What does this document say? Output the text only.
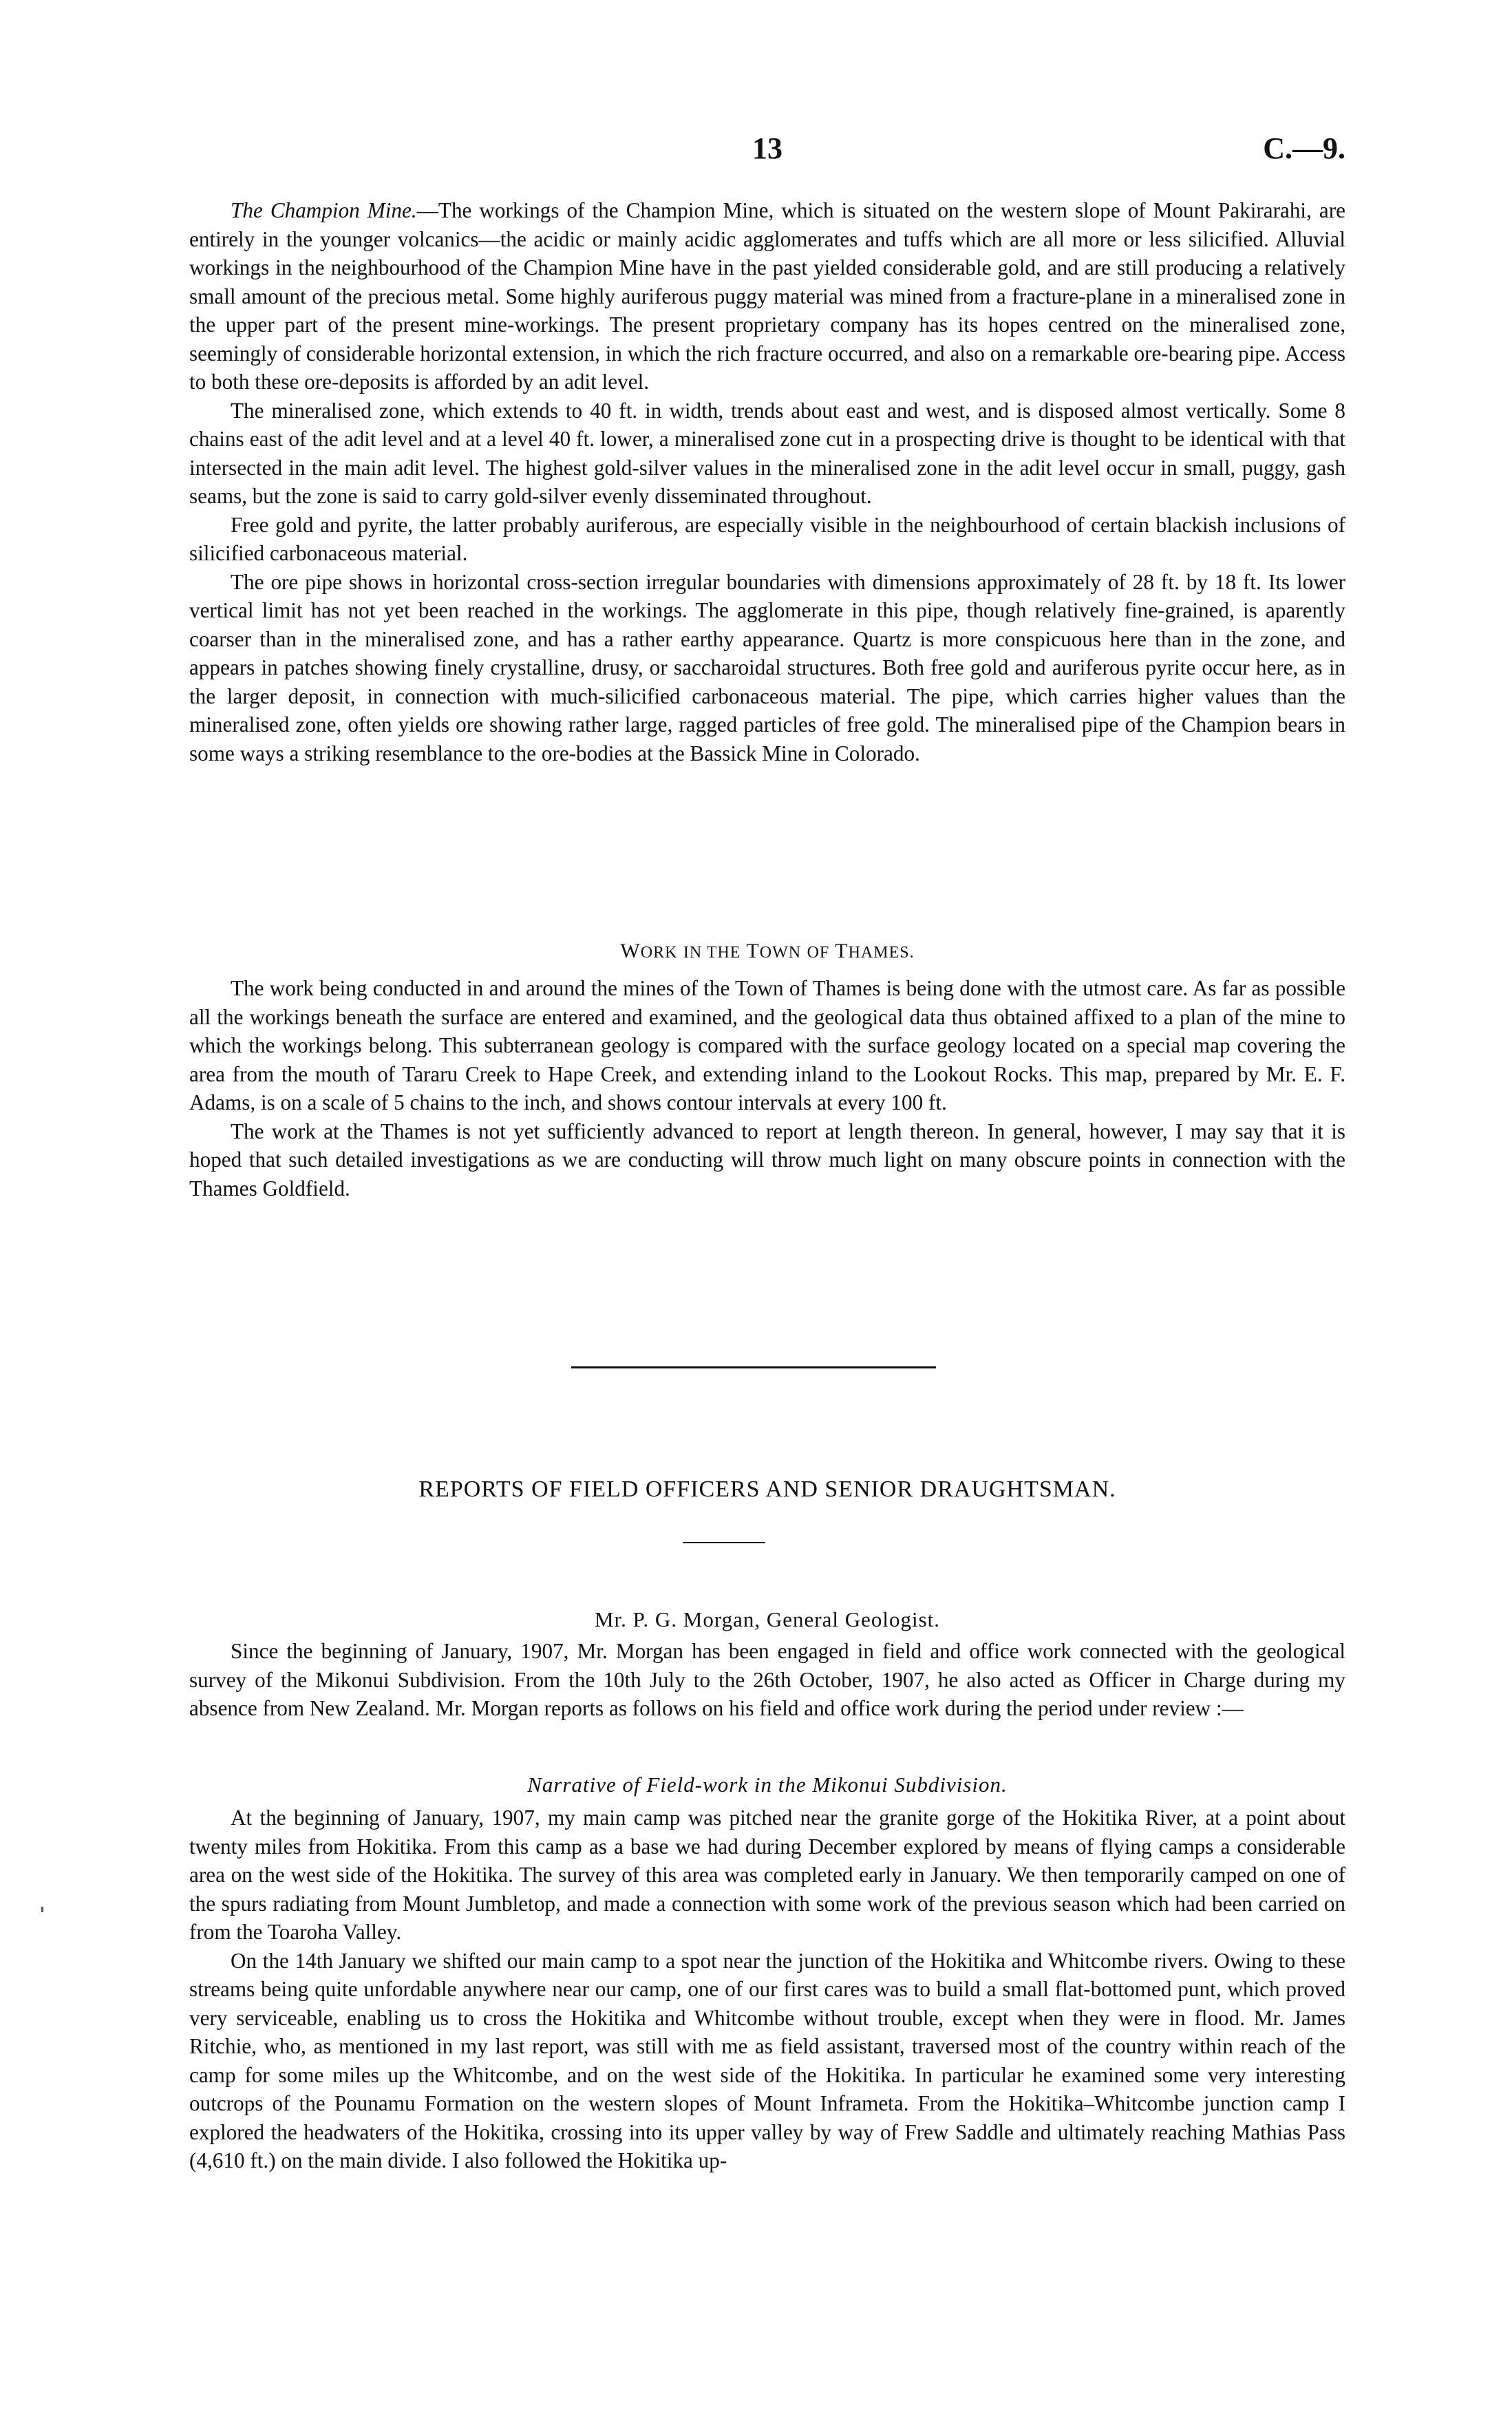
13	C.—9.

The Champion Mine.—The workings of the Champion Mine, which is situated on the western slope of Mount Pakirarahi, are entirely in the younger volcanics—the acidic or mainly acidic agglomerates and tuffs which are all more or less silicified. Alluvial workings in the neighbourhood of the Champion Mine have in the past yielded considerable gold, and are still producing a relatively small amount of the precious metal. Some highly auriferous puggy material was mined from a fracture-plane in a mineralised zone in the upper part of the present mine-workings. The present proprietary company has its hopes centred on the mineralised zone, seemingly of considerable horizontal extension, in which the rich fracture occurred, and also on a remarkable ore-bearing pipe. Access to both these ore-deposits is afforded by an adit level.

The mineralised zone, which extends to 40 ft. in width, trends about east and west, and is disposed almost vertically. Some 8 chains east of the adit level and at a level 40 ft. lower, a mineralised zone cut in a prospecting drive is thought to be identical with that intersected in the main adit level. The highest gold-silver values in the mineralised zone in the adit level occur in small, puggy, gash seams, but the zone is said to carry gold-silver evenly disseminated throughout.

Free gold and pyrite, the latter probably auriferous, are especially visible in the neighbourhood of certain blackish inclusions of silicified carbonaceous material.

The ore pipe shows in horizontal cross-section irregular boundaries with dimensions approximately of 28 ft. by 18 ft. Its lower vertical limit has not yet been reached in the workings. The agglomerate in this pipe, though relatively fine-grained, is aparently coarser than in the mineralised zone, and has a rather earthy appearance. Quartz is more conspicuous here than in the zone, and appears in patches showing finely crystalline, drusy, or saccharoidal structures. Both free gold and auriferous pyrite occur here, as in the larger deposit, in connection with much-silicified carbonaceous material. The pipe, which carries higher values than the mineralised zone, often yields ore showing rather large, ragged particles of free gold. The mineralised pipe of the Champion bears in some ways a striking resemblance to the ore-bodies at the Bassick Mine in Colorado.

WORK IN THE TOWN OF THAMES.

The work being conducted in and around the mines of the Town of Thames is being done with the utmost care. As far as possible all the workings beneath the surface are entered and examined, and the geological data thus obtained affixed to a plan of the mine to which the workings belong. This subterranean geology is compared with the surface geology located on a special map covering the area from the mouth of Tararu Creek to Hape Creek, and extending inland to the Lookout Rocks. This map, prepared by Mr. E. F. Adams, is on a scale of 5 chains to the inch, and shows contour intervals at every 100 ft.

The work at the Thames is not yet sufficiently advanced to report at length thereon. In general, however, I may say that it is hoped that such detailed investigations as we are conducting will throw much light on many obscure points in connection with the Thames Goldfield.

REPORTS OF FIELD OFFICERS AND SENIOR DRAUGHTSMAN.
Mr. P. G. Morgan, General Geologist.

Since the beginning of January, 1907, Mr. Morgan has been engaged in field and office work connected with the geological survey of the Mikonui Subdivision. From the 10th July to the 26th October, 1907, he also acted as Officer in Charge during my absence from New Zealand. Mr. Morgan reports as follows on his field and office work during the period under review :—

Narrative of Field-work in the Mikonui Subdivision.

At the beginning of January, 1907, my main camp was pitched near the granite gorge of the Hokitika River, at a point about twenty miles from Hokitika. From this camp as a base we had during December explored by means of flying camps a considerable area on the west side of the Hokitika. The survey of this area was completed early in January. We then temporarily camped on one of the spurs radiating from Mount Jumbletop, and made a connection with some work of the previous season which had been carried on from the Toaroha Valley.

On the 14th January we shifted our main camp to a spot near the junction of the Hokitika and Whitcombe rivers. Owing to these streams being quite unfordable anywhere near our camp, one of our first cares was to build a small flat-bottomed punt, which proved very serviceable, enabling us to cross the Hokitika and Whitcombe without trouble, except when they were in flood. Mr. James Ritchie, who, as mentioned in my last report, was still with me as field assistant, traversed most of the country within reach of the camp for some miles up the Whitcombe, and on the west side of the Hokitika. In particular he examined some very interesting outcrops of the Pounamu Formation on the western slopes of Mount Inframeta. From the Hokitika–Whitcombe junction camp I explored the headwaters of the Hokitika, crossing into its upper valley by way of Frew Saddle and ultimately reaching Mathias Pass (4,610 ft.) on the main divide. I also followed the Hokitika up-
